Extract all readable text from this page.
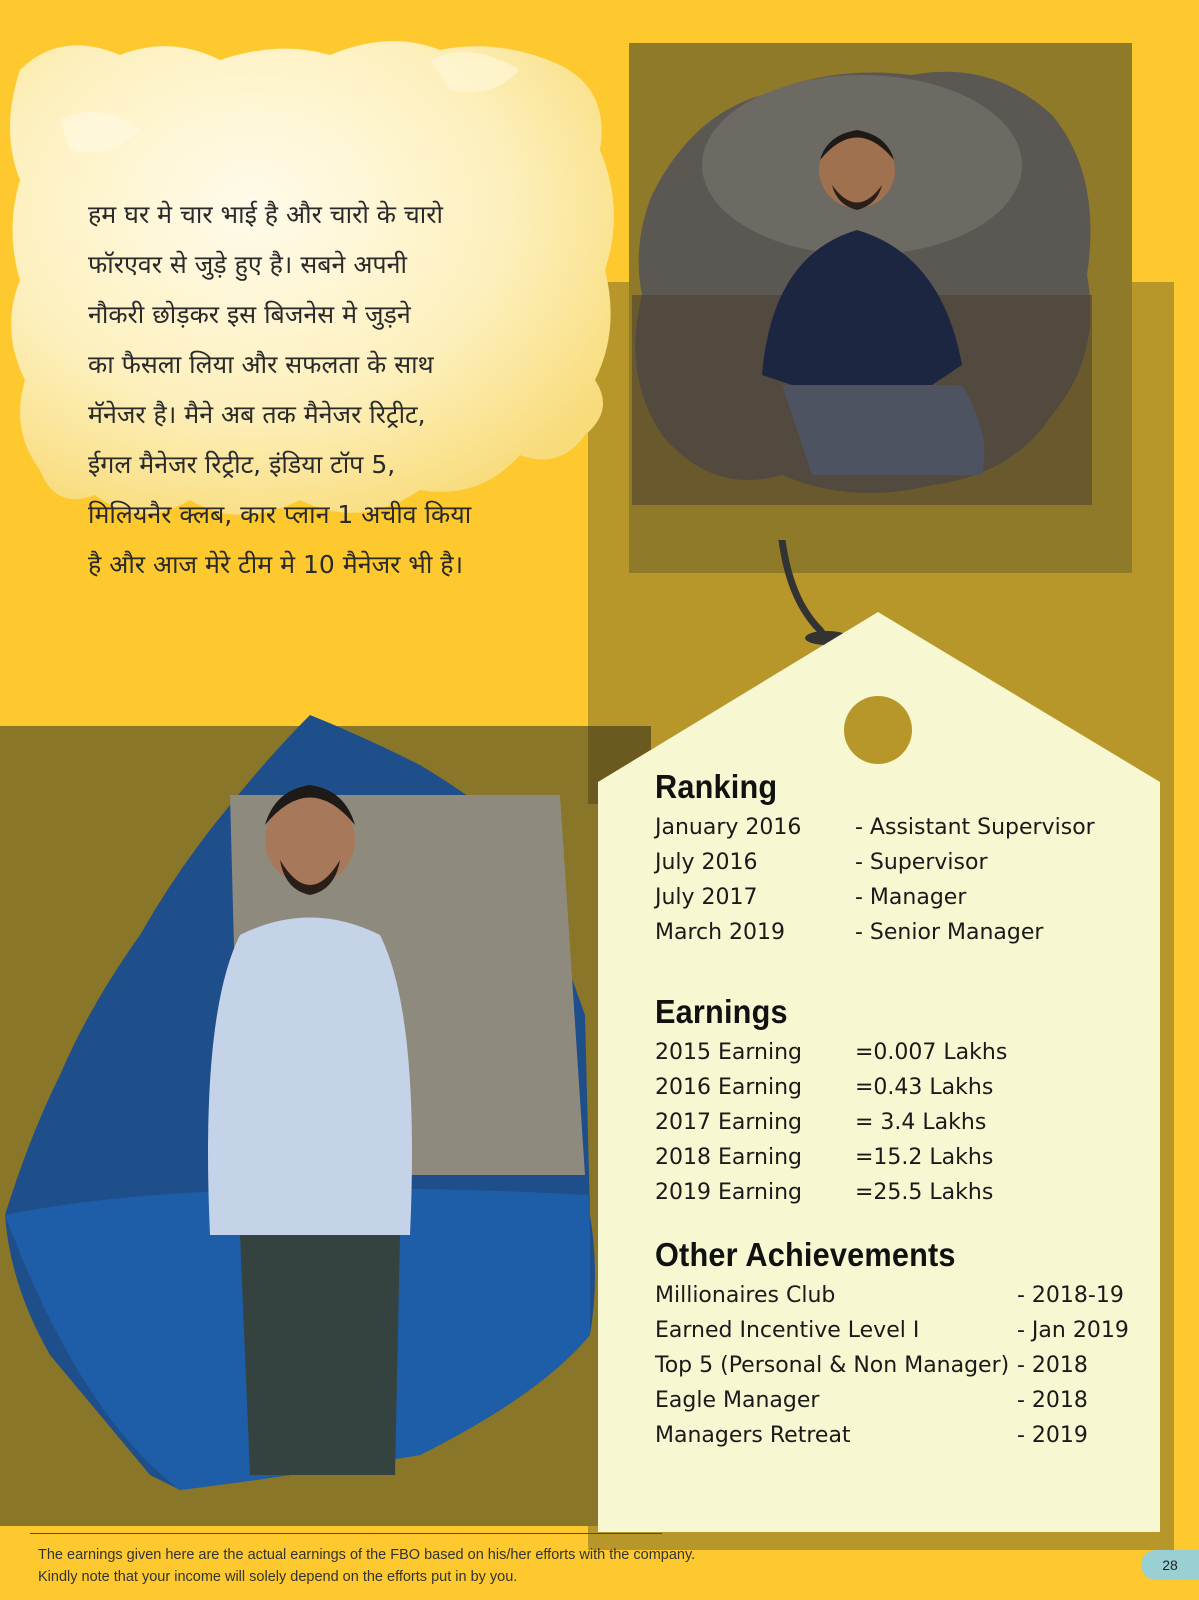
हम घर मे चार भाई है और चारो के चारो
फॉरएवर से जुड़े हुए है। सबने अपनी
नौकरी छोड़कर इस बिजनेस मे जुड़ने
का फैसला लिया और सफलता के साथ
मॅनेजर है। मैने अब तक मैनेजर रिट्रीट,
ईगल मैनेजर रिट्रीट, इंडिया टॉप 5,
मिलियनैर क्लब, कार प्लान 1 अचीव किया
है और आज मेरे टीम मे 10 मैनेजर भी है।
Ranking
January 2016 - Assistant Supervisor
July 2016	- Supervisor
July 2017	- Manager
March 2019	- Senior Manager
Earnings
2015 Earning =0.007 Lakhs
2016 Earning =0.43 Lakhs
2017 Earning = 3.4 Lakhs
2018 Earning =15.2 Lakhs
2019 Earning =25.5 Lakhs
Other Achievements
Millionaires Club	- 2018-19
Earned Incentive Level I	- Jan 2019
Top 5 (Personal & Non Manager) - 2018
Eagle Manager	- 2018
Managers Retreat	- 2019
The earnings given here are the actual earnings of the FBO based on his/her efforts with the company. Kindly note that your income will solely depend on the efforts put in by you.
28
